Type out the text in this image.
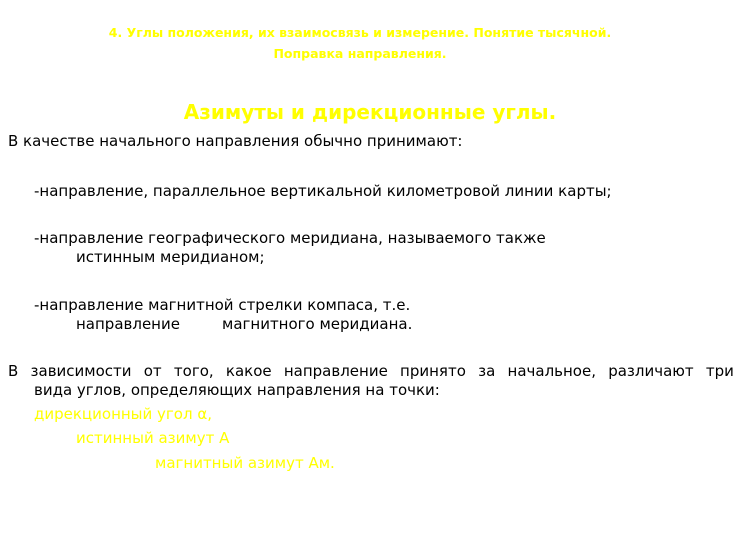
4. Углы положения, их взаимосвязь и измерение. Понятие тысячной.
Поправка направления.
Азимуты и дирекционные углы.
В качестве начального направления обычно принимают:
-направление, параллельное вертикальной километровой линии карты;
-направление географического меридиана, называемого также
истинным меридианом;
-направление магнитной стрелки компаса, т.е.
направление	магнитного меридиана.
В зависимости от того, какое направление принято за начальное, различают три
вида углов, определяющих направления на точки:
дирекционный угол α,
истинный азимут А
магнитный азимут Ам.
